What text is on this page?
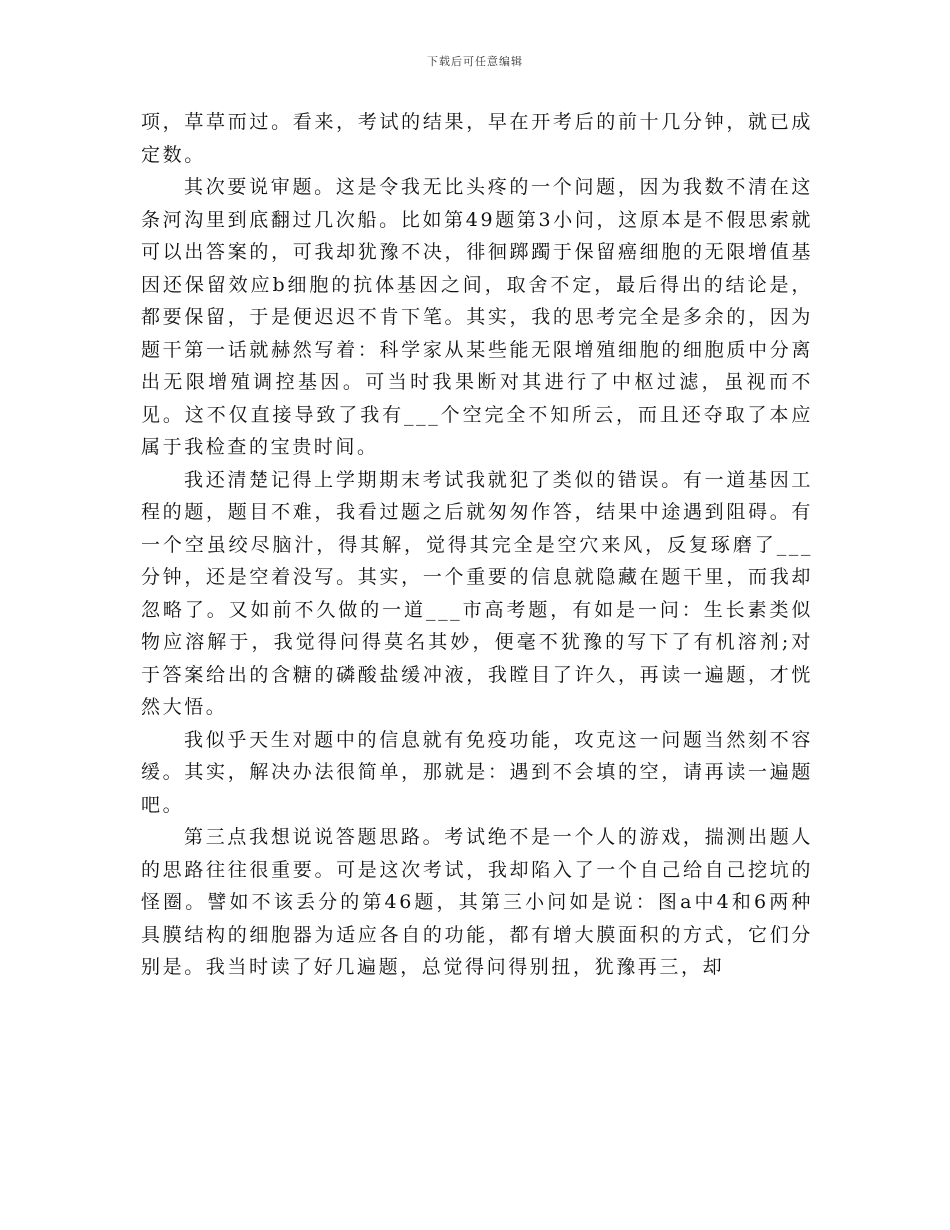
下载后可任意编辑

项，草草而过。看来，考试的结果，早在开考后的前十几分钟，就已成定数。

其次要说审题。这是令我无比头疼的一个问题，因为我数不清在这条河沟里到底翻过几次船。比如第49题第3小问，这原本是不假思索就可以出答案的，可我却犹豫不决，徘徊踯躅于保留癌细胞的无限增值基因还保留效应b细胞的抗体基因之间，取舍不定，最后得出的结论是，都要保留，于是便迟迟不肯下笔。其实，我的思考完全是多余的，因为题干第一话就赫然写着：科学家从某些能无限增殖细胞的细胞质中分离出无限增殖调控基因。可当时我果断对其进行了中枢过滤，虽视而不见。这不仅直接导致了我有___个空完全不知所云，而且还夺取了本应属于我检查的宝贵时间。

我还清楚记得上学期期末考试我就犯了类似的错误。有一道基因工程的题，题目不难，我看过题之后就匆匆作答，结果中途遇到阻碍。有一个空虽绞尽脑汁，得其解，觉得其完全是空穴来风，反复琢磨了___分钟，还是空着没写。其实，一个重要的信息就隐藏在题干里，而我却忽略了。又如前不久做的一道___市高考题，有如是一问：生长素类似物应溶解于，我觉得问得莫名其妙，便毫不犹豫的写下了有机溶剂;对于答案给出的含糖的磷酸盐缓冲液，我瞠目了许久，再读一遍题，才恍然大悟。

我似乎天生对题中的信息就有免疫功能，攻克这一问题当然刻不容缓。其实，解决办法很简单，那就是：遇到不会填的空，请再读一遍题吧。

第三点我想说说答题思路。考试绝不是一个人的游戏，揣测出题人的思路往往很重要。可是这次考试，我却陷入了一个自己给自己挖坑的怪圈。譬如不该丢分的第46题，其第三小问如是说：图a中4和6两种具膜结构的细胞器为适应各自的功能，都有增大膜面积的方式，它们分别是。我当时读了好几遍题，总觉得问得别扭，犹豫再三，却
